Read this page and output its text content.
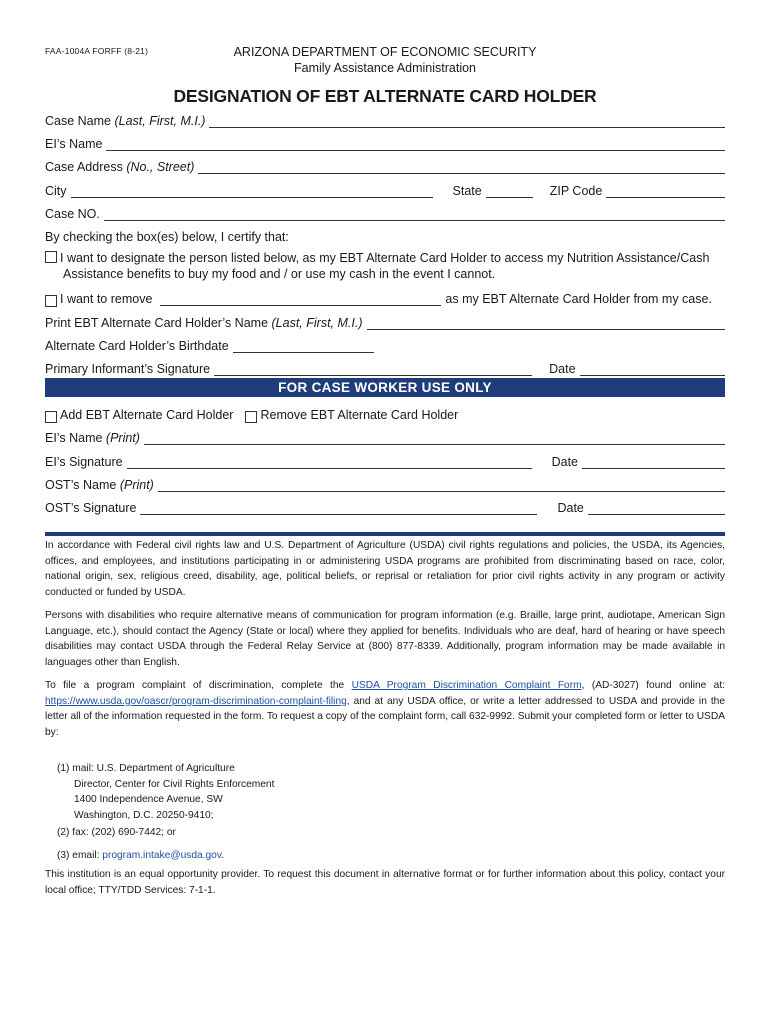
FAA-1004A FORFF (8-21)	ARIZONA DEPARTMENT OF ECONOMIC SECURITY
Family Assistance Administration
DESIGNATION OF EBT ALTERNATE CARD HOLDER
Case Name
(Last, First, M.I.)
EI’s Name
Case Address
(No., Street)
City	State	ZIP Code
Case NO.
By checking the box(es) below, I certify that:
I want to designate the person listed below, as my EBT Alternate Card Holder to access my Nutrition Assistance/Cash
Assistance benefits to buy my food and / or use my cash in the event I cannot.
I want to remove	as my EBT Alternate Card Holder from my case.
Print EBT Alternate Card Holder’s Name
(Last, First, M.I.)
Alternate Card Holder’s Birthdate
Primary Informant’s Signature	Date
FOR CASE WORKER USE ONLY
Add EBT Alternate Card Holder Remove EBT Alternate Card Holder
EI’s Name
(Print)
EI’s Signature	Date
OST’s Name
(Print)
OST’s Signature	Date

In accordance with Federal civil rights law and U.S. Department of Agriculture (USDA) civil rights regulations and policies, the USDA, its Agencies, offices, and employees, and institutions participating in or administering USDA programs are prohibited from discriminating based on race, color, national origin, sex, religious creed, disability, age, political beliefs, or reprisal or retaliation for prior civil rights activity in any program or activity conducted or funded by USDA.

Persons with disabilities who require alternative means of communication for program information (e.g. Braille, large print, audiotape, American Sign Language, etc.), should contact the Agency (State or local) where they applied for benefits. Individuals who are deaf, hard of hearing or have speech disabilities may contact USDA through the Federal Relay Service at (800) 877-8339. Additionally, program information may be made available in languages other than English.

To file a program complaint of discrimination, complete the USDA Program Discrimination Complaint Form, (AD-3027) found online at: https://www.usda.gov/oascr/program-discrimination-complaint-filing, and at any USDA office, or write a letter addressed to USDA and provide in the letter all of the information requested in the form. To request a copy of the complaint form, call 632-9992. Submit your completed form or letter to USDA by:

(1) mail: U.S. Department of Agriculture
Director, Center for Civil Rights Enforcement
1400 Independence Avenue, SW
Washington, D.C. 20250-9410;
(2) fax: (202) 690-7442; or
(3) email: program.intake@usda.gov.

This institution is an equal opportunity provider. To request this document in alternative format or for further information about this policy, contact your local office; TTY/TDD Services: 7-1-1.
